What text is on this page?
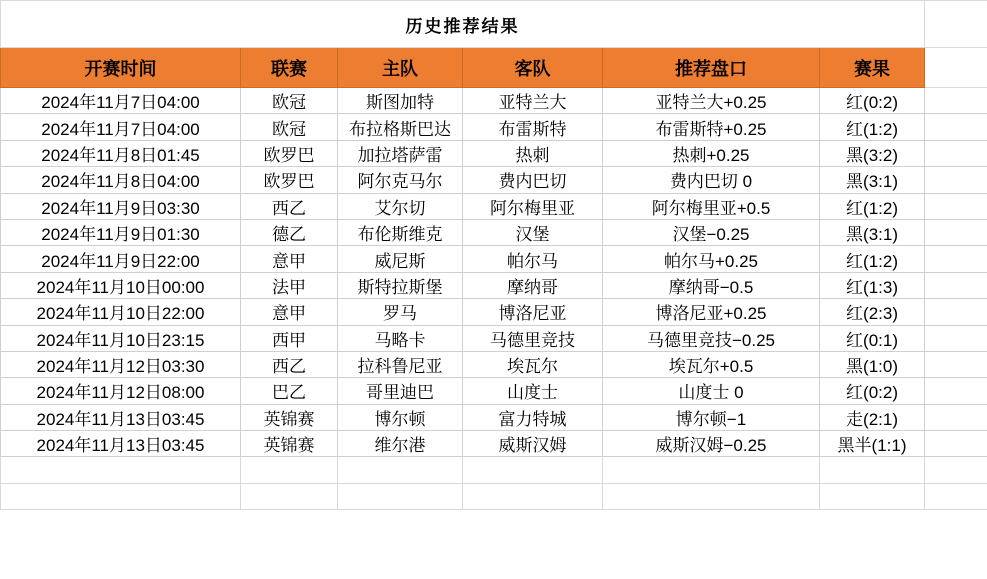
历史推荐结果						
开赛时间	联赛	主队	客队	推荐盘口	赛果	
2024年11月7日04:00	欧冠	斯图加特	亚特兰大	亚特兰大+0.25	红(0:2)	
2024年11月7日04:00	欧冠	布拉格斯巴达	布雷斯特	布雷斯特+0.25	红(1:2)	
2024年11月8日01:45	欧罗巴	加拉塔萨雷	热刺	热刺+0.25	黑(3:2)	
2024年11月8日04:00	欧罗巴	阿尔克马尔	费内巴切	费内巴切 0	黑(3:1)	
2024年11月9日03:30	西乙	艾尔切	阿尔梅里亚	阿尔梅里亚+0.5	红(1:2)	
2024年11月9日01:30	德乙	布伦斯维克	汉堡	汉堡−0.25	黑(3:1)	
2024年11月9日22:00	意甲	威尼斯	帕尔马	帕尔马+0.25	红(1:2)	
2024年11月10日00:00	法甲	斯特拉斯堡	摩纳哥	摩纳哥−0.5	红(1:3)	
2024年11月10日22:00	意甲	罗马	博洛尼亚	博洛尼亚+0.25	红(2:3)	
2024年11月10日23:15	西甲	马略卡	马德里竞技	马德里竞技−0.25	红(0:1)	
2024年11月12日03:30	西乙	拉科鲁尼亚	埃瓦尔	埃瓦尔+0.5	黑(1:0)	
2024年11月12日08:00	巴乙	哥里迪巴	山度士	山度士 0	红(0:2)	
2024年11月13日03:45	英锦赛	博尔顿	富力特城	博尔顿−1	走(2:1)	
2024年11月13日03:45	英锦赛	维尔港	威斯汉姆	威斯汉姆−0.25	黑半(1:1)	
